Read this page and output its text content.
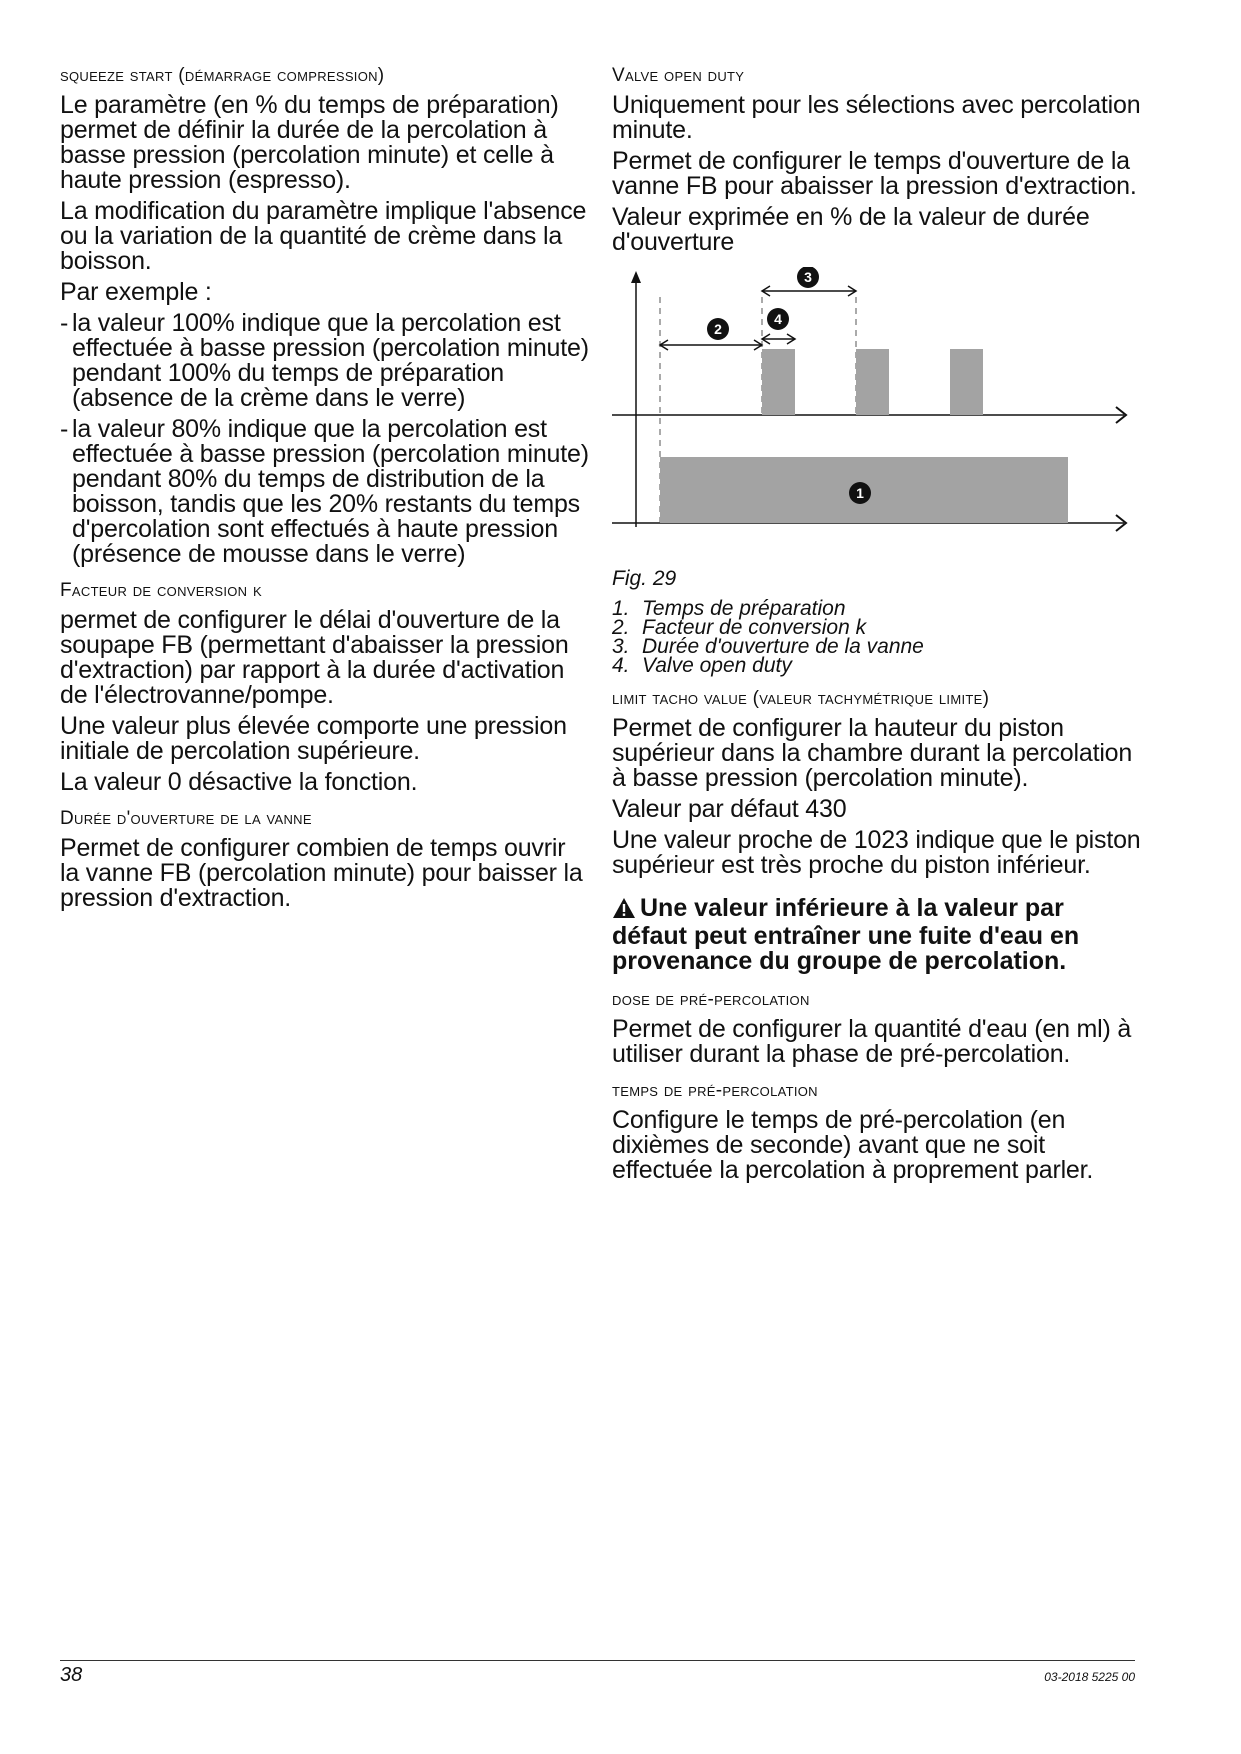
squeeze start (démarrage compression)

Le paramètre (en % du temps de préparation) permet de définir la durée de la percolation à basse pression (percolation minute) et celle à haute pression (espresso).

La modification du paramètre implique l'absence ou la variation de la quantité de crème dans la boisson.

Par exemple :

- la valeur 100% indique que la percolation est effectuée à basse pression (percolation minute) pendant 100% du temps de préparation (absence de la crème dans le verre)
- la valeur 80% indique que la percolation est effectuée à basse pression (percolation minute) pendant 80% du temps de distribution de la boisson, tandis que les 20% restants du temps d'percolation sont effectués à haute pression (présence de mousse dans le verre)
Facteur de conversion k

permet de configurer le délai d'ouverture de la soupape FB (permettant d'abaisser la pression d'extraction) par rapport à la durée d'activation de l'électrovanne/pompe.

Une valeur plus élevée comporte une pression initiale de percolation supérieure.

La valeur 0 désactive la fonction.

Durée d'ouverture de la vanne

Permet de configurer combien de temps ouvrir la vanne FB (percolation minute) pour baisser la pression d'extraction.

Valve open duty

Uniquement pour les sélections avec percolation minute.

Permet de configurer le temps d'ouverture de la vanne FB pour abaisser la pression d'extraction.

Valeur exprimée en % de la valeur de durée d'ouverture

1
2
3
4
Fig. 29
1. Temps de préparation
2. Facteur de conversion k
3. Durée d'ouverture de la vanne
4. Valve open duty
limit tacho value (valeur tachymétrique limite)

Permet de configurer la hauteur du piston supérieur dans la chambre durant la percolation à basse pression (percolation minute).

Valeur par défaut 430

Une valeur proche de 1023 indique que le piston supérieur est très proche du piston inférieur.

Une valeur inférieure à la valeur par défaut peut entraîner une fuite d'eau en provenance du groupe de percolation.
dose de pré-percolation

Permet de configurer la quantité d'eau (en ml) à utiliser durant la phase de pré-percolation.

temps de pré-percolation

Configure le temps de pré-percolation (en dixièmes de seconde) avant que ne soit effectuée la percolation à proprement parler.

38	03-2018 5225 00
